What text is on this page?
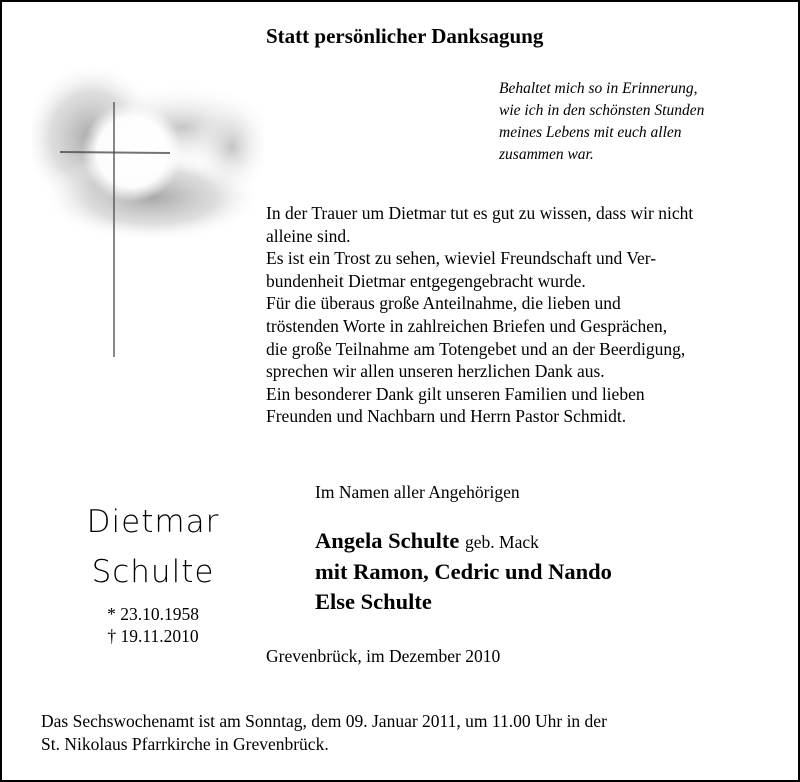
Statt persönlicher Danksagung
Behaltet mich so in Erinnerung,
wie ich in den schönsten Stunden
meines Lebens mit euch allen
zusammen war.
In der Trauer um Dietmar tut es gut zu wissen, dass wir nicht
alleine sind.
Es ist ein Trost zu sehen, wieviel Freundschaft und Ver-
bundenheit Dietmar entgegengebracht wurde.
Für die überaus große Anteilnahme, die lieben und
tröstenden Worte in zahlreichen Briefen und Gesprächen,
die große Teilnahme am Totengebet und an der Beerdigung,
sprechen wir allen unseren herzlichen Dank aus.
Ein besonderer Dank gilt unseren Familien und lieben
Freunden und Nachbarn und Herrn Pastor Schmidt.
Dietmar
Schulte
* 23.10.1958
† 19.11.2010
Im Namen aller Angehörigen
Angela Schulte geb. Mack
mit Ramon, Cedric und Nando
Else Schulte
Grevenbrück, im Dezember 2010
Das Sechswochenamt ist am Sonntag, dem 09. Januar 2011, um 11.00 Uhr in der
St. Nikolaus Pfarrkirche in Grevenbrück.
